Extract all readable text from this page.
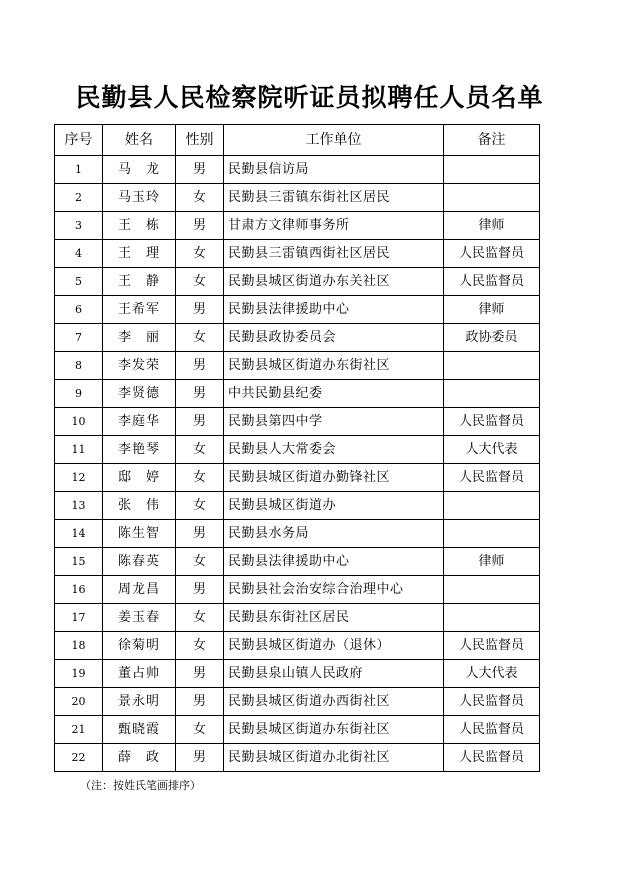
民勤县人民检察院听证员拟聘任人员名单
序号	姓名	性别	工作单位	备注
1	马　龙	男	民勤县信访局	
2	马玉玲	女	民勤县三雷镇东街社区居民	
3	王　栋	男	甘肃方文律师事务所	律师
4	王　理	女	民勤县三雷镇西街社区居民	人民监督员
5	王　静	女	民勤县城区街道办东关社区	人民监督员
6	王希军	男	民勤县法律援助中心	律师
7	李　丽	女	民勤县政协委员会	政协委员
8	李发荣	男	民勤县城区街道办东街社区	
9	李贤德	男	中共民勤县纪委	
10	李庭华	男	民勤县第四中学	人民监督员
11	李艳琴	女	民勤县人大常委会	人大代表
12	邸　婷	女	民勤县城区街道办勤锋社区	人民监督员
13	张　伟	女	民勤县城区街道办	
14	陈生智	男	民勤县水务局	
15	陈春英	女	民勤县法律援助中心	律师
16	周龙昌	男	民勤县社会治安综合治理中心	
17	姜玉春	女	民勤县东街社区居民	
18	徐菊明	女	民勤县城区街道办（退休）	人民监督员
19	董占帅	男	民勤县泉山镇人民政府	人大代表
20	景永明	男	民勤县城区街道办西街社区	人民监督员
21	甄晓霞	女	民勤县城区街道办东街社区	人民监督员
22	薛　政	男	民勤县城区街道办北街社区	人民监督员
（注：按姓氏笔画排序）
